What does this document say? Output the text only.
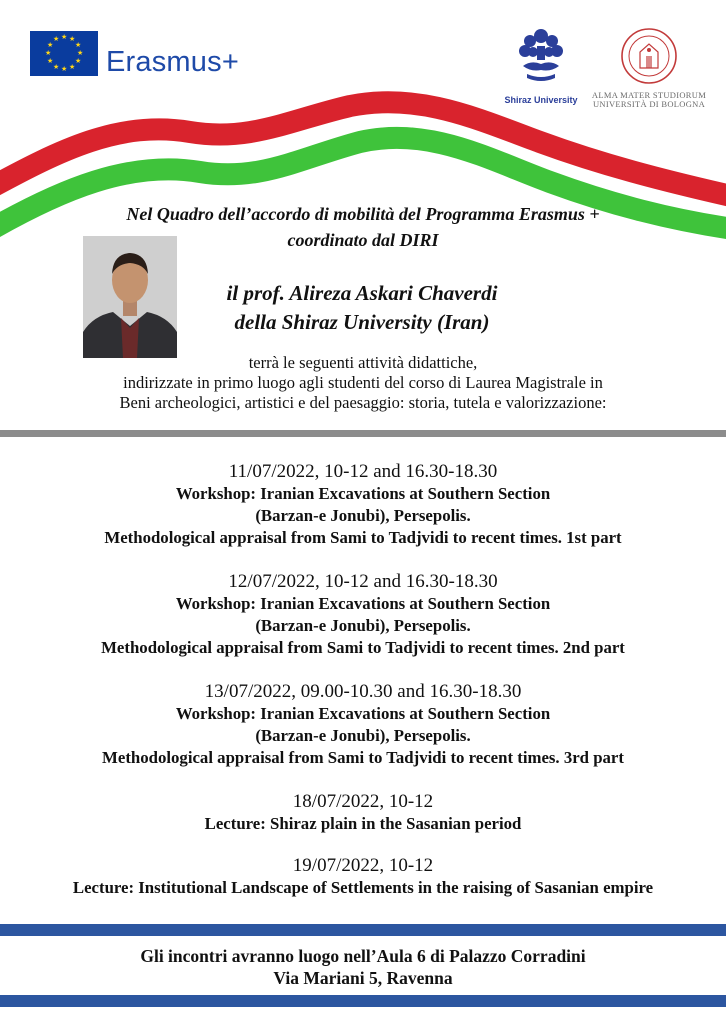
★ ★
★
★
★
★
★
★
★
★
★
★
Erasmus+
Shiraz University	ALMA MATER STUDIORUM
UNIVERSITÀ DI BOLOGNA
Nel Quadro dell’accordo di mobilità del Programma Erasmus +
coordinato dal DIRI
il prof. Alireza Askari Chaverdi
della Shiraz University (Iran)
terrà le seguenti attività didattiche,
indirizzate in primo luogo agli studenti del corso di Laurea Magistrale in
Beni archeologici, artistici e del paesaggio: storia, tutela e valorizzazione:
11/07/2022, 10-12 and 16.30-18.30
Workshop: Iranian Excavations at Southern Section
(Barzan-e Jonubi), Persepolis.
Methodological appraisal from Sami to Tadjvidi to recent times. 1st part
12/07/2022, 10-12 and 16.30-18.30
Workshop: Iranian Excavations at Southern Section
(Barzan-e Jonubi), Persepolis.
Methodological appraisal from Sami to Tadjvidi to recent times. 2nd part
13/07/2022, 09.00-10.30 and 16.30-18.30
Workshop: Iranian Excavations at Southern Section
(Barzan-e Jonubi), Persepolis.
Methodological appraisal from Sami to Tadjvidi to recent times. 3rd part
18/07/2022, 10-12
Lecture: Shiraz plain in the Sasanian period
19/07/2022, 10-12
Lecture: Institutional Landscape of Settlements in the raising of Sasanian empire
Gli incontri avranno luogo nell’Aula 6 di Palazzo Corradini
Via Mariani 5, Ravenna
